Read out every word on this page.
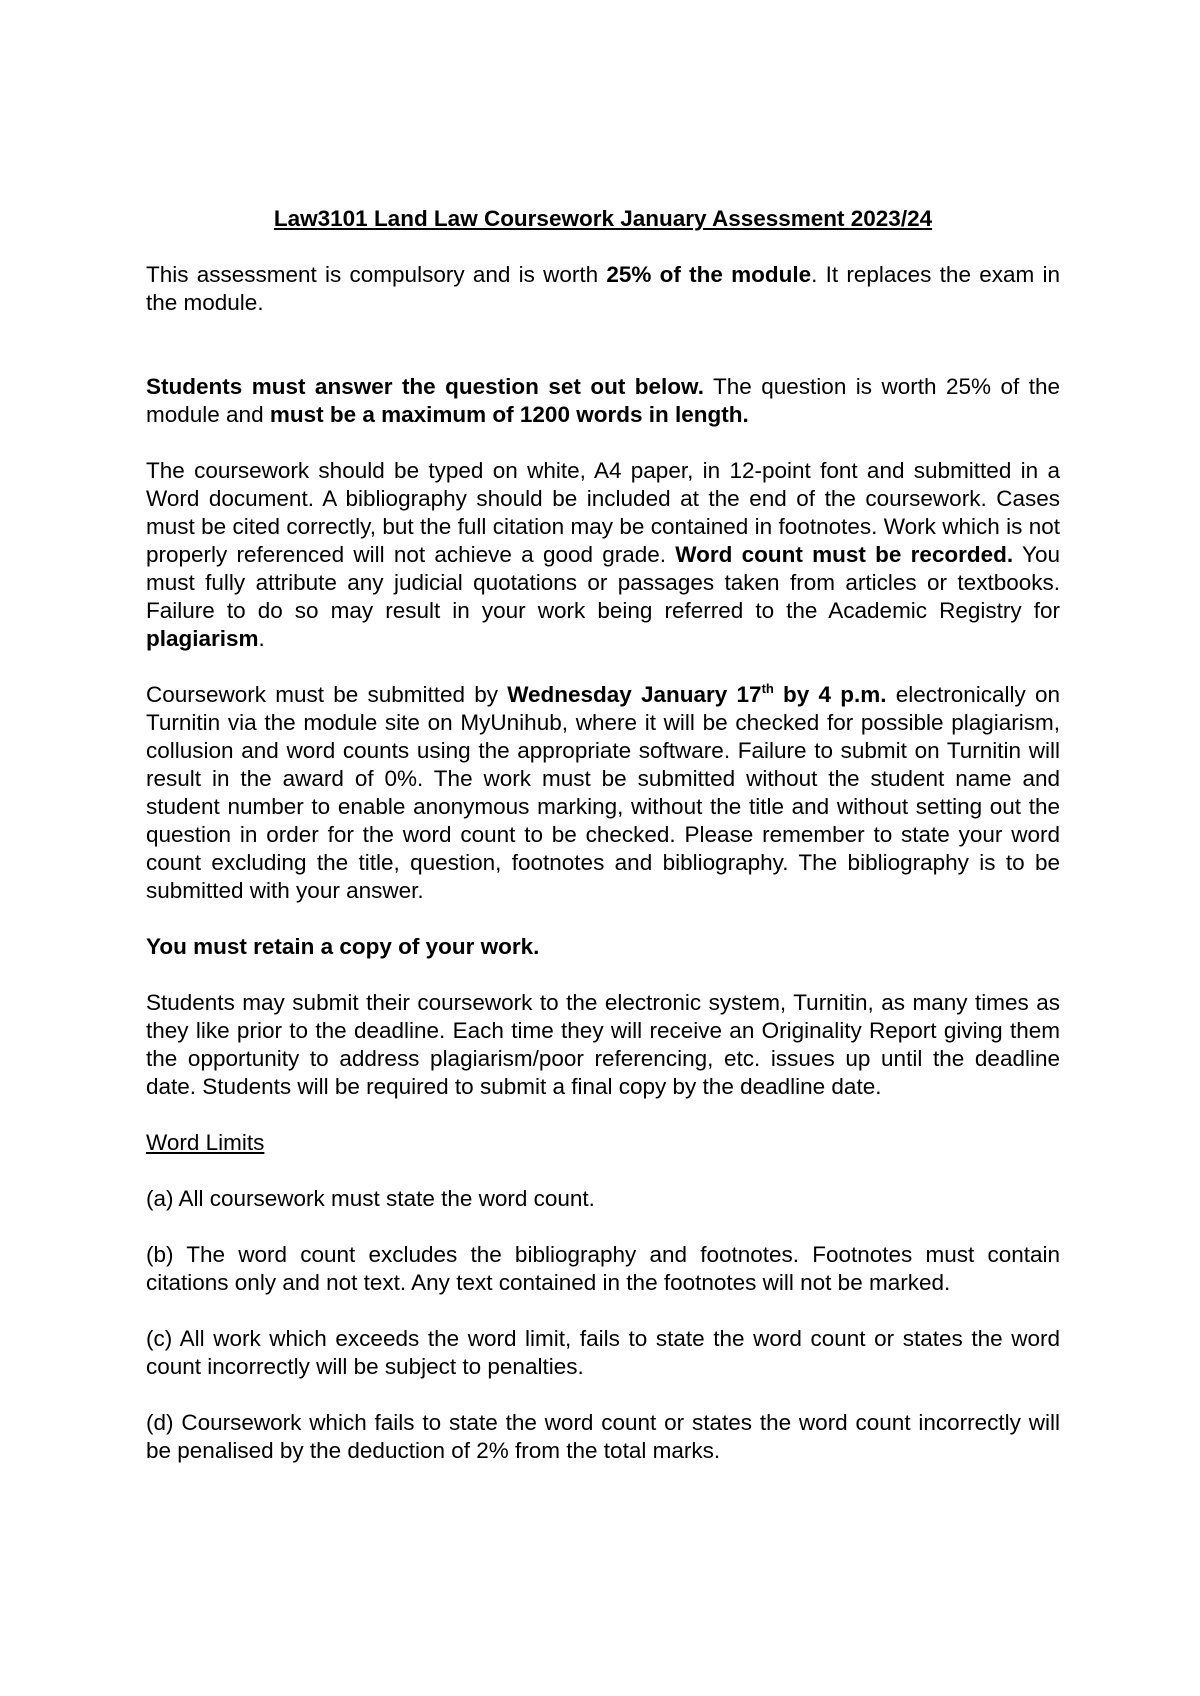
Law3101 Land Law Coursework January Assessment 2023/24

This assessment is compulsory and is worth 25% of the module. It replaces the exam in the module.

Students must answer the question set out below. The question is worth 25% of the module and must be a maximum of 1200 words in length.

The coursework should be typed on white, A4 paper, in 12-point font and submitted in a Word document. A bibliography should be included at the end of the coursework. Cases must be cited correctly, but the full citation may be contained in footnotes. Work which is not properly referenced will not achieve a good grade. Word count must be recorded. You must fully attribute any judicial quotations or passages taken from articles or textbooks. Failure to do so may result in your work being referred to the Academic Registry for plagiarism.

Coursework must be submitted by Wednesday January 17th by 4 p.m. electronically on Turnitin via the module site on MyUnihub, where it will be checked for possible plagiarism, collusion and word counts using the appropriate software. Failure to submit on Turnitin will result in the award of 0%. The work must be submitted without the student name and student number to enable anonymous marking, without the title and without setting out the question in order for the word count to be checked. Please remember to state your word count excluding the title, question, footnotes and bibliography. The bibliography is to be submitted with your answer.

You must retain a copy of your work.

Students may submit their coursework to the electronic system, Turnitin, as many times as they like prior to the deadline. Each time they will receive an Originality Report giving them the opportunity to address plagiarism/poor referencing, etc. issues up until the deadline date. Students will be required to submit a final copy by the deadline date.

Word Limits

(a) All coursework must state the word count.

(b) The word count excludes the bibliography and footnotes. Footnotes must contain citations only and not text. Any text contained in the footnotes will not be marked.

(c) All work which exceeds the word limit, fails to state the word count or states the word count incorrectly will be subject to penalties.

(d) Coursework which fails to state the word count or states the word count incorrectly will be penalised by the deduction of 2% from the total marks.
